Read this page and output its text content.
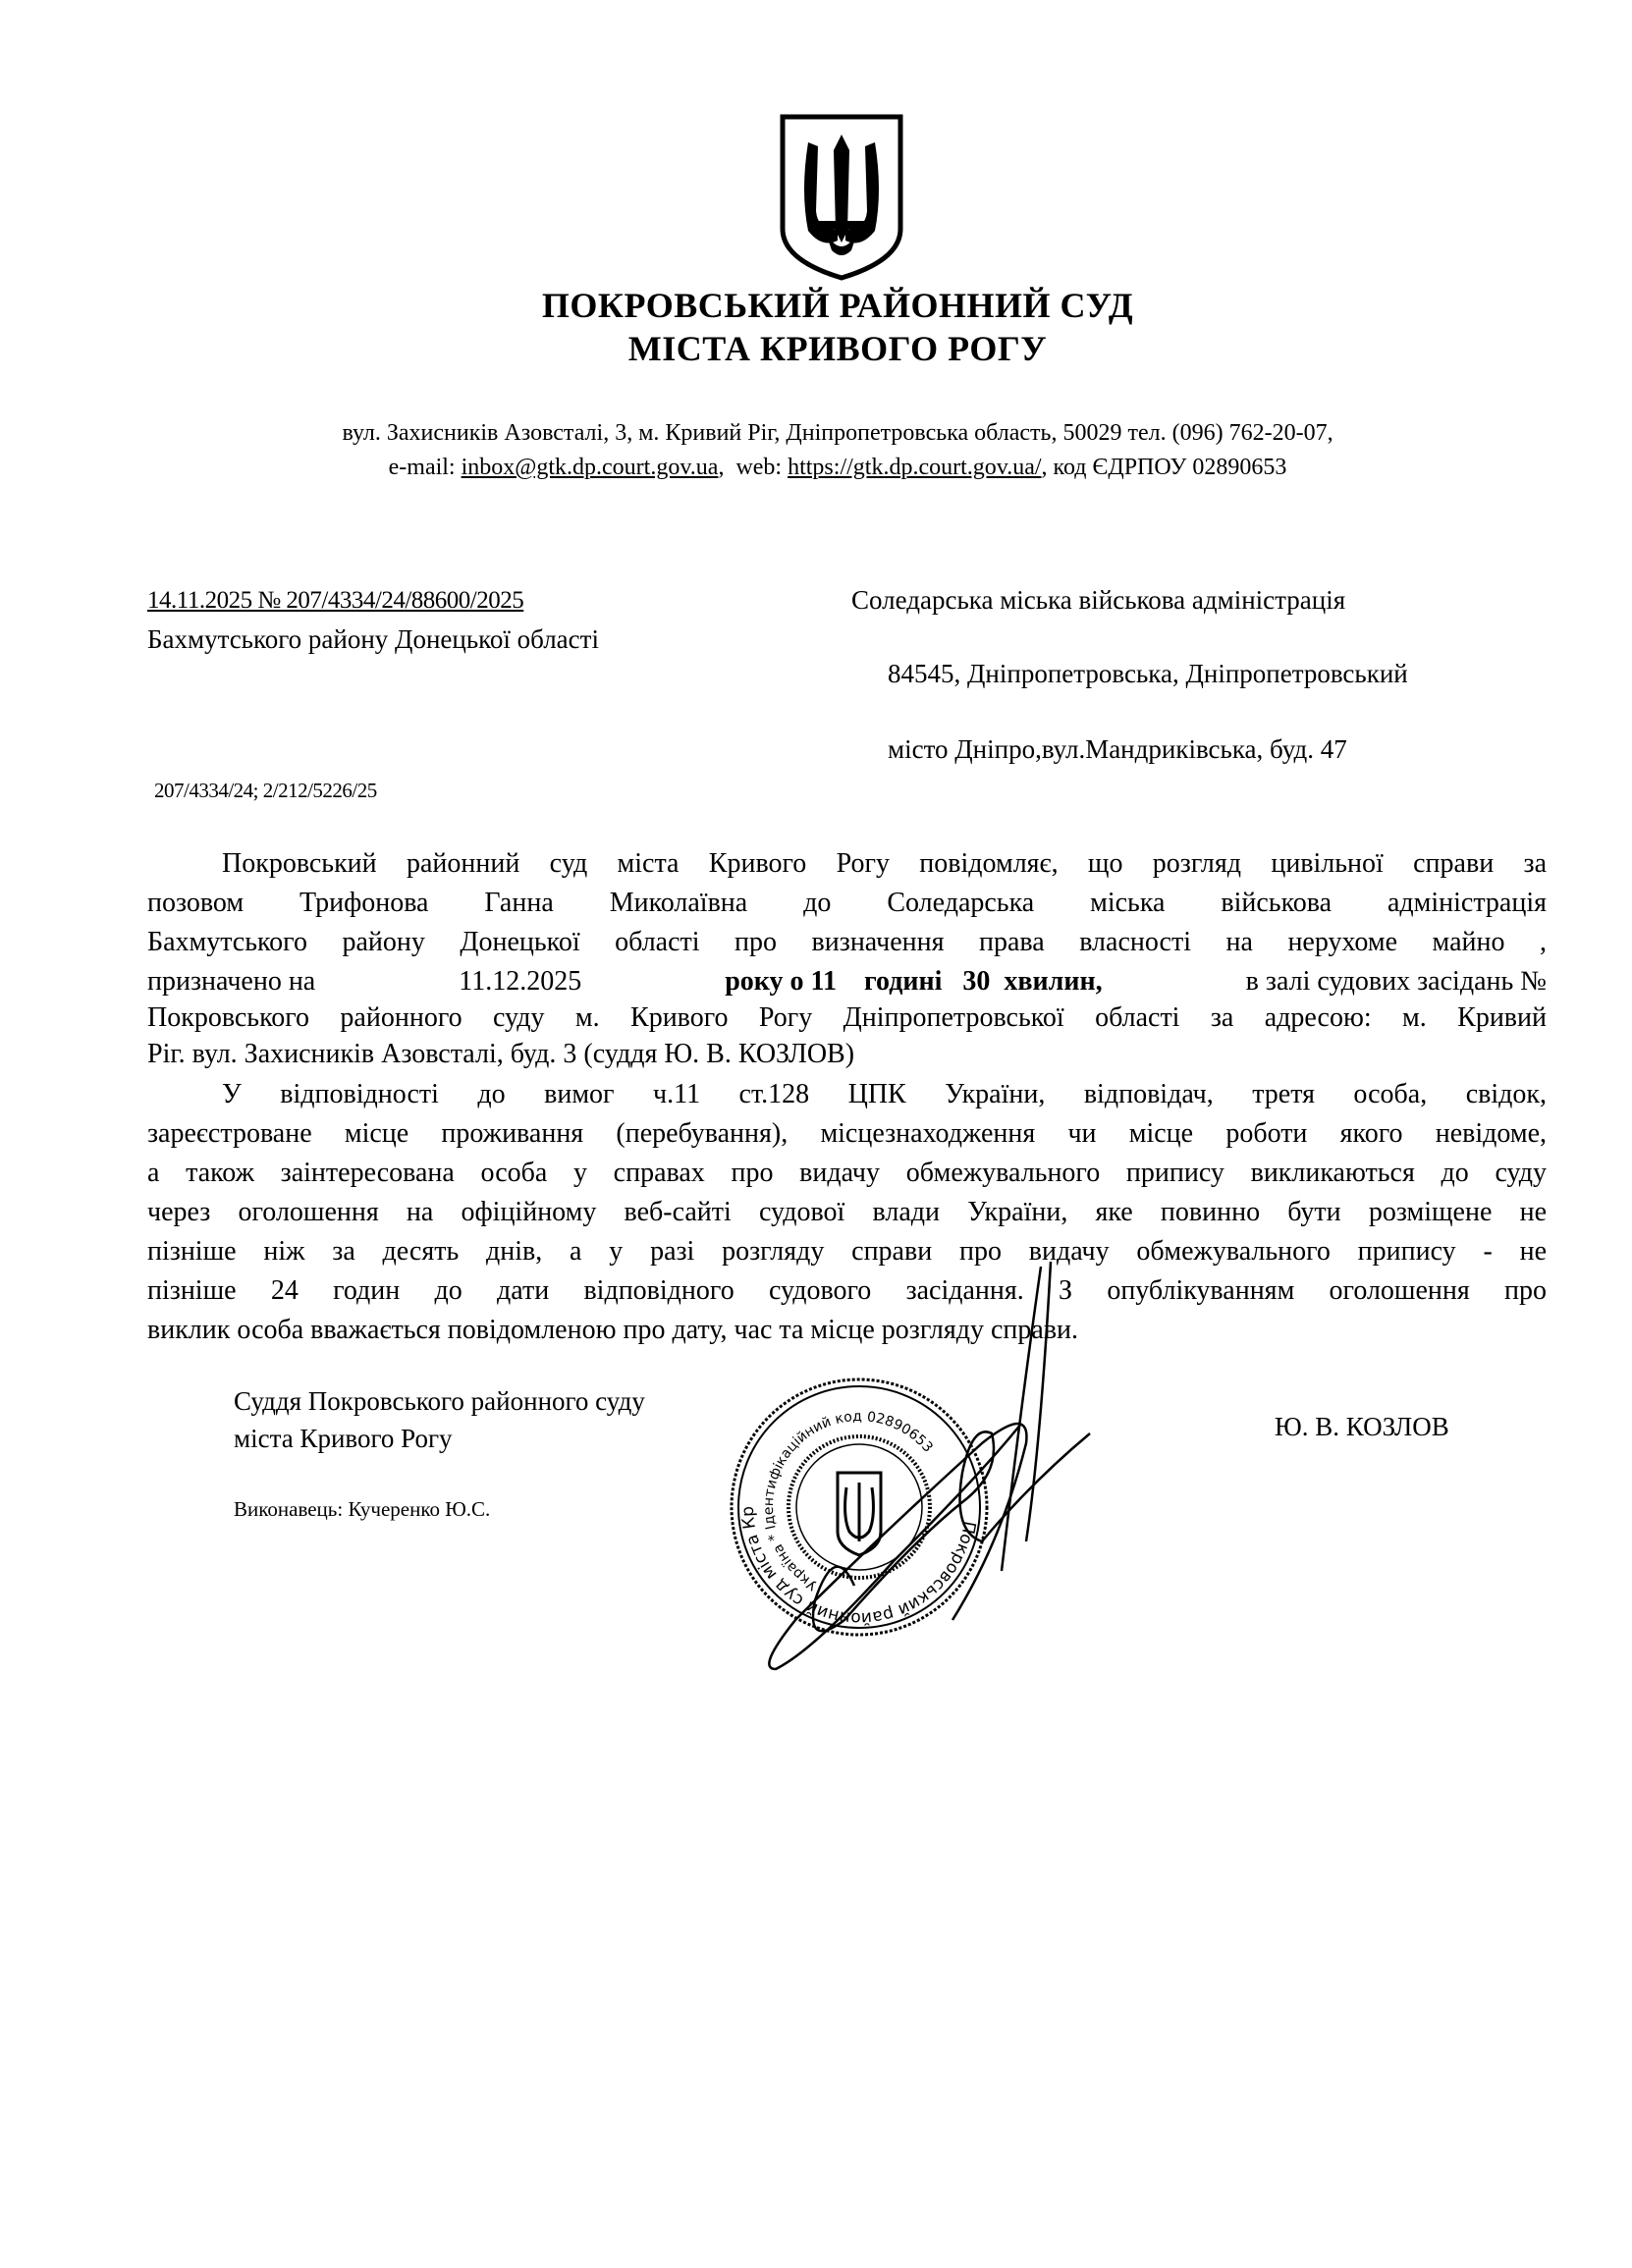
ПОКРОВСЬКИЙ РАЙОННИЙ СУД
МІСТА КРИВОГО РОГУ
вул. Захисників Азовсталі, 3, м. Кривий Ріг, Дніпропетровська область, 50029 тел. (096) 762-20-07,
e-mail: inbox@gtk.dp.court.gov.ua,  web: https://gtk.dp.court.gov.ua/, код ЄДРПОУ 02890653
14.11.2025 № 207/4334/24/88600/2025
Бахмутського району Донецької області
Соледарська міська військова адміністрація
84545, Дніпропетровська, Дніпропетровський
місто Дніпро,вул.Мандриківська, буд. 47
207/4334/24; 2/212/5226/25
Покровський районний суд міста Кривого Рогу повідомляє, що розгляд цивільної справи за
позовом Трифонова Ганна Миколаївна до Соледарська міська військова адміністрація
Бахмутського району Донецької області про визначення права власності на нерухоме майно ,
призначено на	11.12.2025	року о 11    годині   30  хвилин,	в залі судових засідань №
Покровського районного суду м. Кривого Рогу Дніпропетровської області за адресою: м. Кривий
Ріг. вул. Захисників Азовсталі, буд. 3 (суддя Ю. В. КОЗЛОВ)
У відповідності до вимог ч.11 ст.128 ЦПК України, відповідач, третя особа, свідок,
зареєстроване місце проживання (перебування), місцезнаходження чи місце роботи якого невідоме,
а також заінтересована особа у справах про видачу обмежувального припису викликаються до суду
через оголошення на офіційному веб-сайті судової влади України, яке повинно бути розміщене не
пізніше ніж за десять днів, а у разі розгляду справи про видачу обмежувального припису - не
пізніше 24 годин до дати відповідного судового засідання. З опублікуванням оголошення про
виклик особа вважається повідомленою про дату, час та місце розгляду справи.
Суддя Покровського районного суду
міста Кривого Рогу	Ю. В. КОЗЛОВ
Виконавець: Кучеренко Ю.С.
Покровський районний суд міста Кр
Україна * Ідентифікаційний код 02890653
